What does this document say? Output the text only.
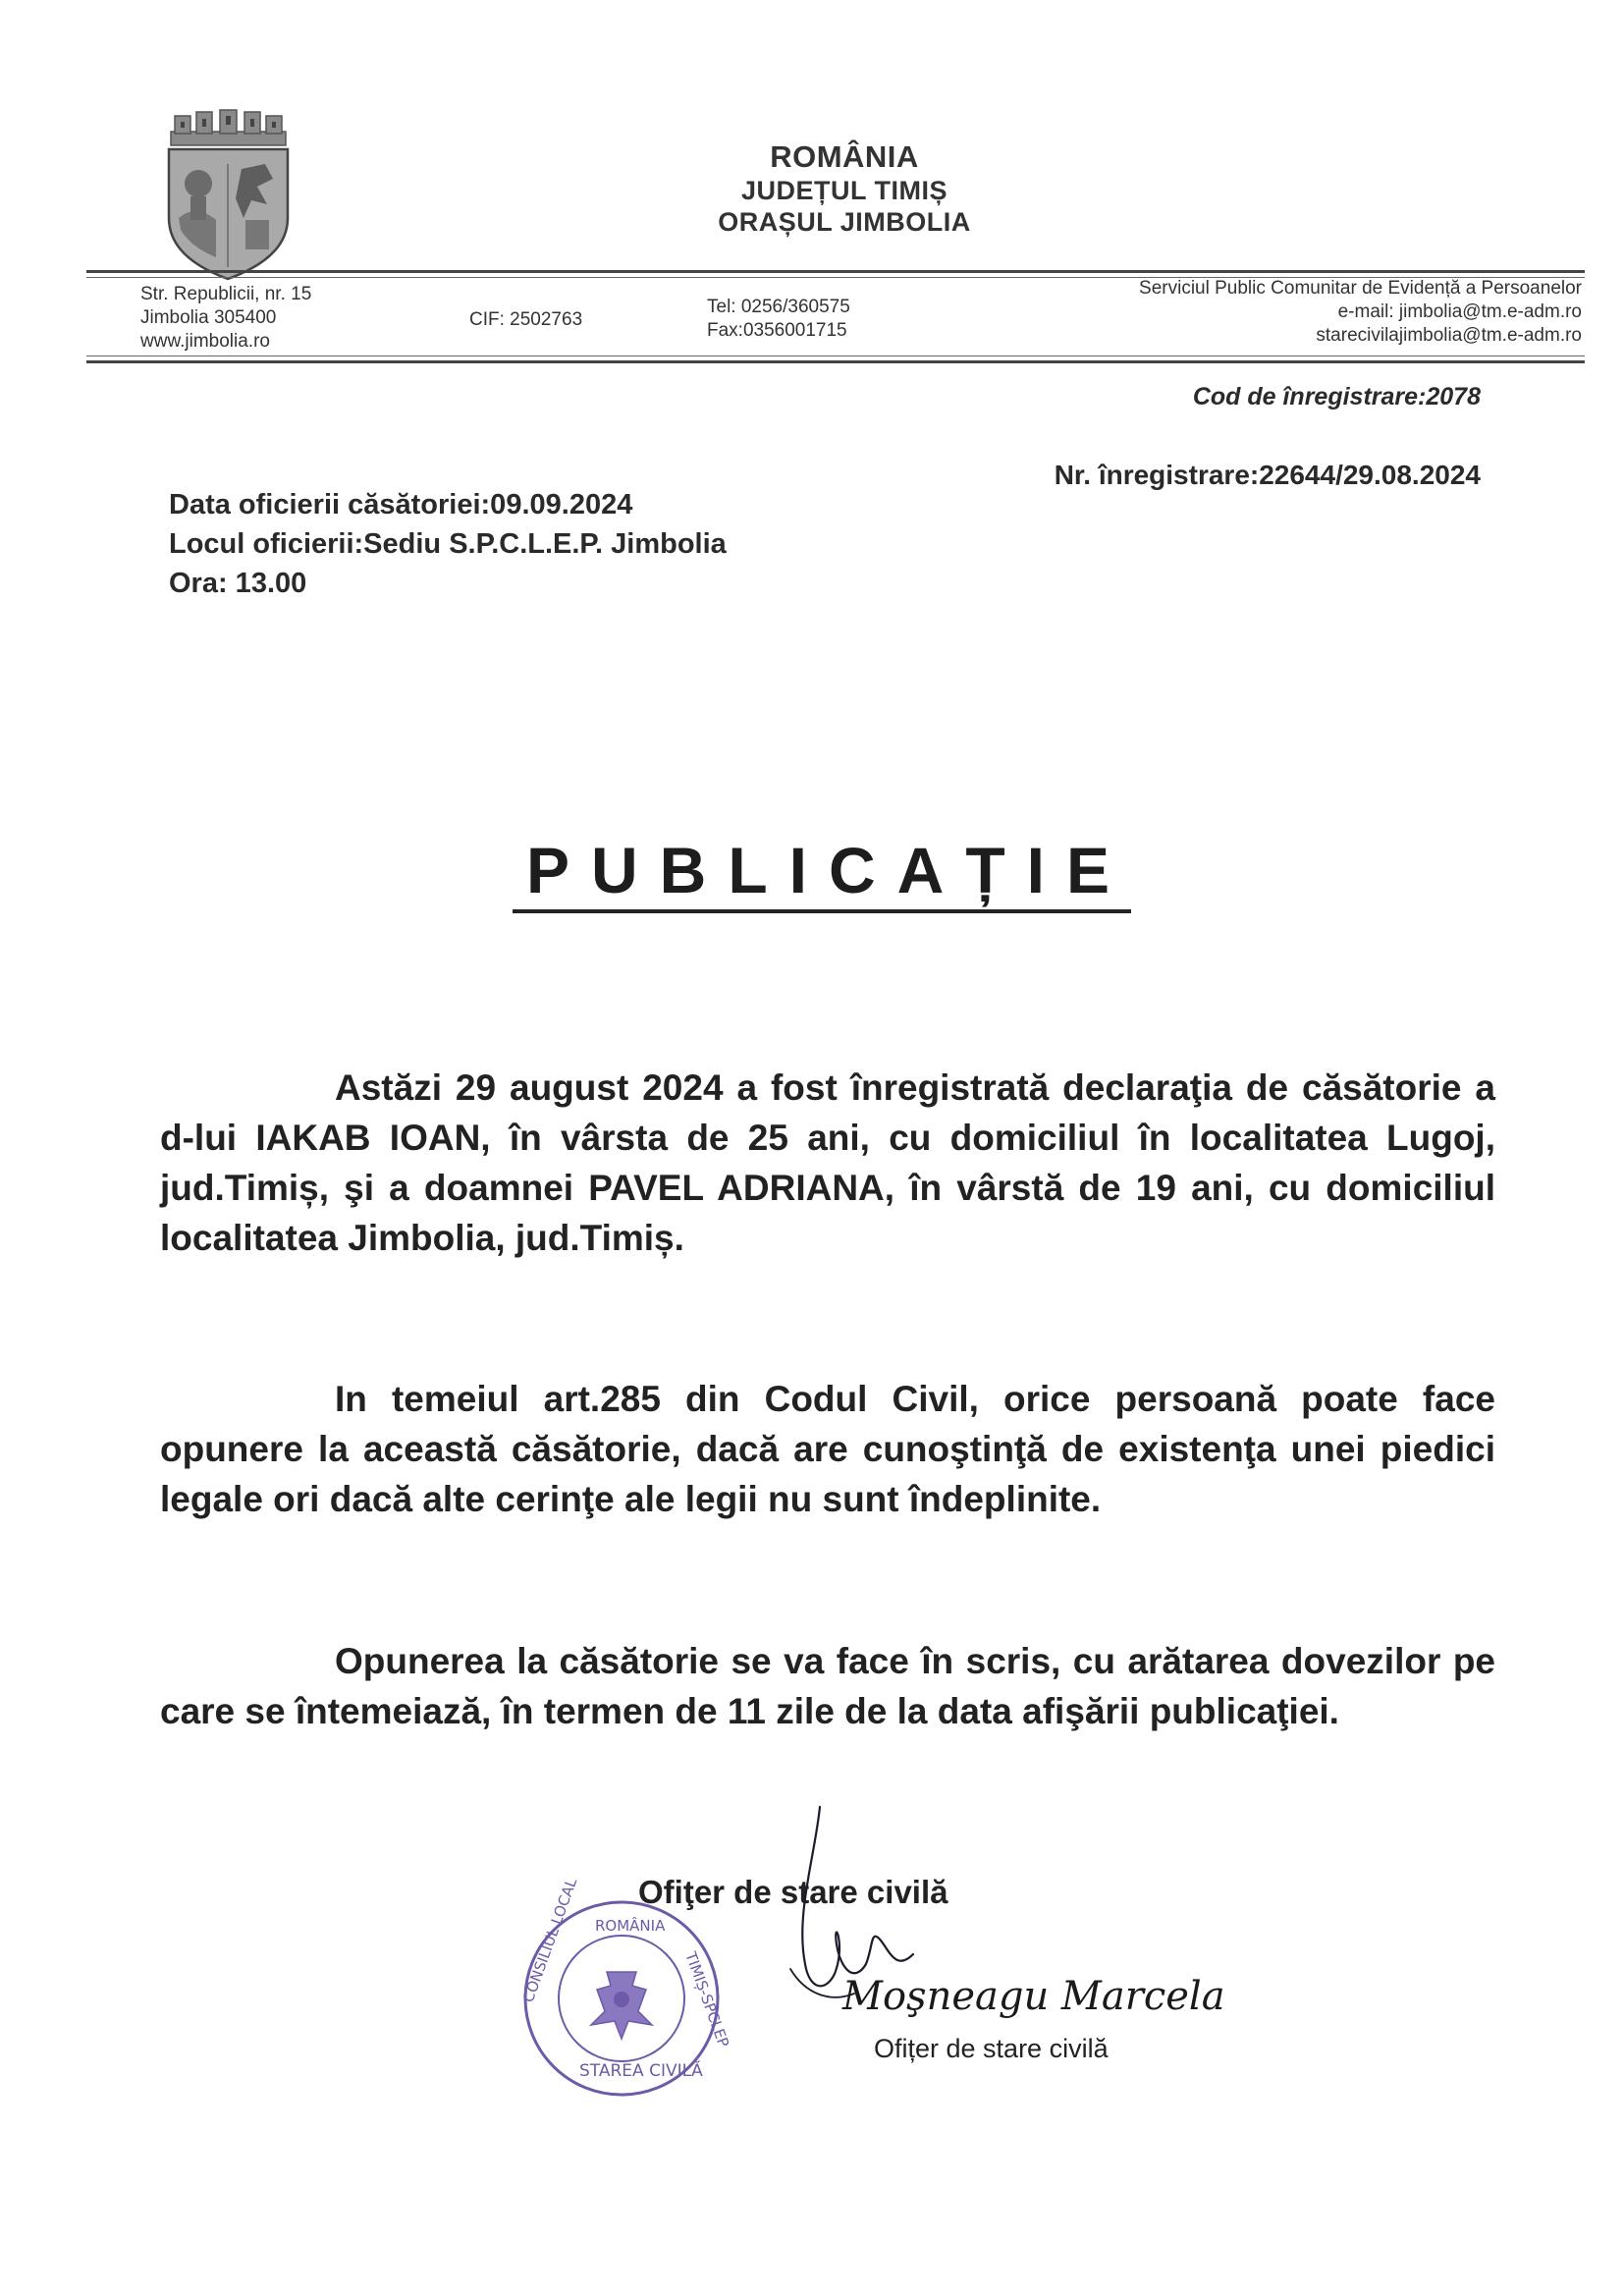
ROMÂNIA
JUDEȚUL TIMIȘ
ORAȘUL JIMBOLIA
Str. Republicii, nr. 15
Jimbolia 305400
www.jimbolia.ro
CIF: 2502763
Tel: 0256/360575
Fax:0356001715
Serviciul Public Comunitar de Evidență a Persoanelor
e-mail: jimbolia@tm.e-adm.ro
starecivilajimbolia@tm.e-adm.ro
Cod de înregistrare:2078
Nr. înregistrare:22644/29.08.2024
Data oficierii căsătoriei:09.09.2024
Locul oficierii:Sediu S.P.C.L.E.P. Jimbolia
Ora: 13.00
PUBLICAȚIE
Astăzi 29 august 2024 a fost înregistrată declaraţia de căsătorie a d-lui IAKAB IOAN, în vârsta de 25 ani, cu domiciliul în localitatea Lugoj, jud.Timiș, şi a doamnei PAVEL ADRIANA, în vârstă de 19 ani, cu domiciliul localitatea Jimbolia, jud.Timiș.
In temeiul art.285 din Codul Civil, orice persoană poate face opunere la această căsătorie, dacă are cunoştinţă de existenţa unei piedici legale ori dacă alte cerinţe ale legii nu sunt îndeplinite.
Opunerea la căsătorie se va face în scris, cu arătarea dovezilor pe care se întemeiază, în termen de 11 zile de la data afişării publicaţiei.
ROMÂNIA
STAREA CIVILĂ
CONSILIUL LOCAL	TIMIȘ-SPCLEP
Ofiţer de stare civilă
Moşneagu Marcela
Ofițer de stare civilă
